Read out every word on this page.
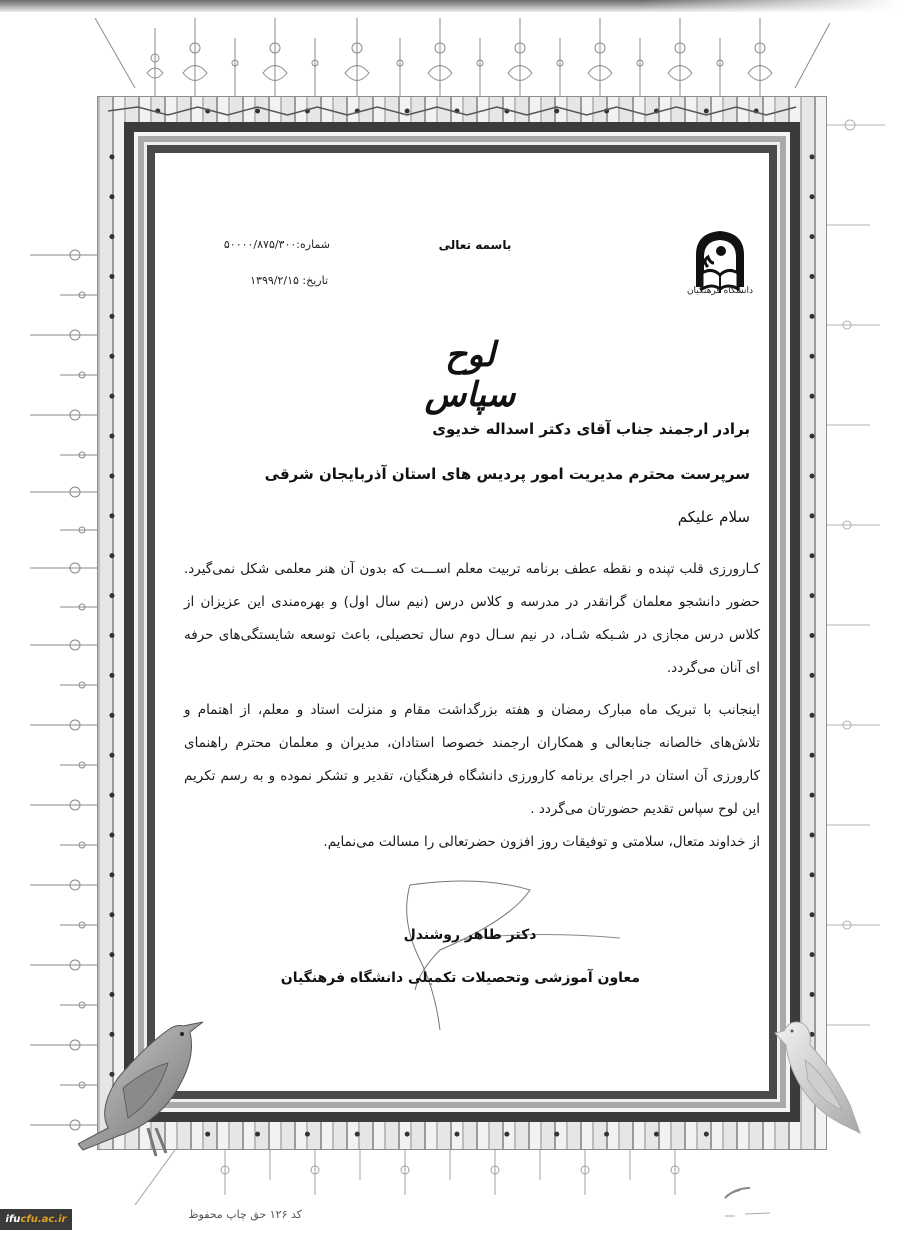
دانشگاه فرهنگیان
باسمه تعالی
شماره:۵۰۰۰۰/۸۷۵/۳۰۰
تاریخ: ۱۳۹۹/۲/۱۵
لوح سپاس
برادر ارجمند جناب آقای دکتر اسداله خدیوی
سرپرست محترم مدیریت امور پردیس های استان آذربایجان شرقی
سلام علیکم

کـارورزی قلب تپنده و نقطه عطف برنامه تربیت معلم اســـت که بدون آن هنر معلمی شکل نمی‌گیرد. حضور دانشجو معلمان گرانقدر در مدرسه و کلاس درس (نیم سال اول) و بهره‌مندی این عزیزان از کلاس درس مجازی در شـبکه شـاد، در نیم سـال دوم سال تحصیلی، باعث توسعه شایستگی‌های حرفه ای آنان می‌گردد.

اینجانب با تبریک ماه مبارک رمضان و هفته بزرگداشت مقام و منزلت استاد و معلم، از اهتمام و تلاش‌های خالصانه جنابعالی و همکاران ارجمند خصوصا استادان، مدیران و معلمان محترم راهنمای کارورزی آن استان در اجرای برنامه کارورزی دانشگاه فرهنگیان، تقدیر و تشکر نموده و به رسم تکریم این لوح سپاس تقدیم حضورتان می‌گردد .

از خداوند متعال، سلامتی و توفیقات روز افزون حضرتعالی را مسالت می‌نمایم.

دکتر طاهر روشندل
معاون آموزشی وتحصیلات تکمیلی دانشگاه فرهنگیان
کد ۱۲۶ حق چاپ محفوظ
ifucfu.ac.ir
